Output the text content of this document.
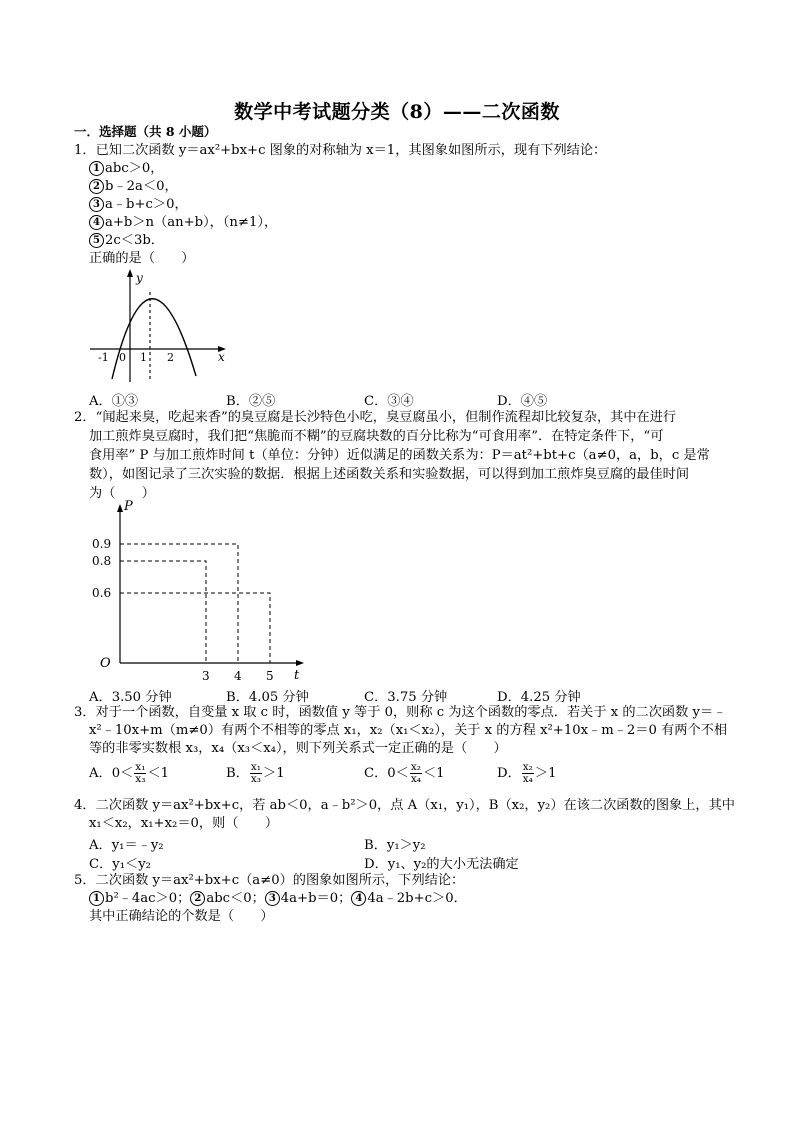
数学中考试题分类（8）——二次函数
一．选择题（共 8 小题）
1．已知二次函数 y＝ax²+bx+c 图象的对称轴为 x＝1，其图象如图所示，现有下列结论：
1 abc＞0，
2 b﹣2a＜0，
3 a﹣b+c＞0，
4 a+b＞n（an+b），（n≠1），
5 2c＜3b．
正确的是（　　）
y
x
-1 0 1 2
A．①③	B．②⑤	C．③④	D．④⑤
2．“闻起来臭，吃起来香”的臭豆腐是长沙特色小吃，臭豆腐虽小，但制作流程却比较复杂，其中在进行
加工煎炸臭豆腐时，我们把“焦脆而不糊”的豆腐块数的百分比称为“可食用率”．在特定条件下，“可
食用率” P 与加工煎炸时间 t（单位：分钟）近似满足的函数关系为：P＝at²+bt+c（a≠0，a，b，c 是常
数），如图记录了三次实验的数据．根据上述函数关系和实验数据，可以得到加工煎炸臭豆腐的最佳时间
为（　　）
P
t
O
0.9
0.8
0.6
3 4 5
A．3.50 分钟	B．4.05 分钟	C．3.75 分钟	D．4.25 分钟
3．对于一个函数，自变量 x 取 c 时，函数值 y 等于 0，则称 c 为这个函数的零点．若关于 x 的二次函数 y＝﹣
x²﹣10x+m（m≠0）有两个不相等的零点 x₁，x₂（x₁＜x₂），关于 x 的方程 x²+10x﹣m﹣2＝0 有两个不相
等的非零实数根 x₃，x₄（x₃＜x₄），则下列关系式一定正确的是（　　）
A．$0< \frac{\text{x₁}}{\text{x₃}} <1$	B． $\frac{\text{x₁}}{\text{x₃}} >1$	C．$0< \frac{\text{x₂}}{\text{x₄}} <1$	D． $\frac{\text{x₂}}{\text{x₄}} >1$
4．二次函数 y＝ax²+bx+c，若 ab＜0，a﹣b²＞0，点 A（x₁，y₁），B（x₂，y₂）在该二次函数的图象上，其中
x₁＜x₂，x₁+x₂＝0，则（　　）
A．y₁＝﹣y₂	B．y₁＞y₂
C．y₁＜y₂	D．y₁、y₂的大小无法确定
5．二次函数 y＝ax²+bx+c（a≠0）的图象如图所示，下列结论：
1 b²﹣4ac＞0； 2 abc＜0； 3 4a+b＝0； 4 4a﹣2b+c＞0．
其中正确结论的个数是（　　）
